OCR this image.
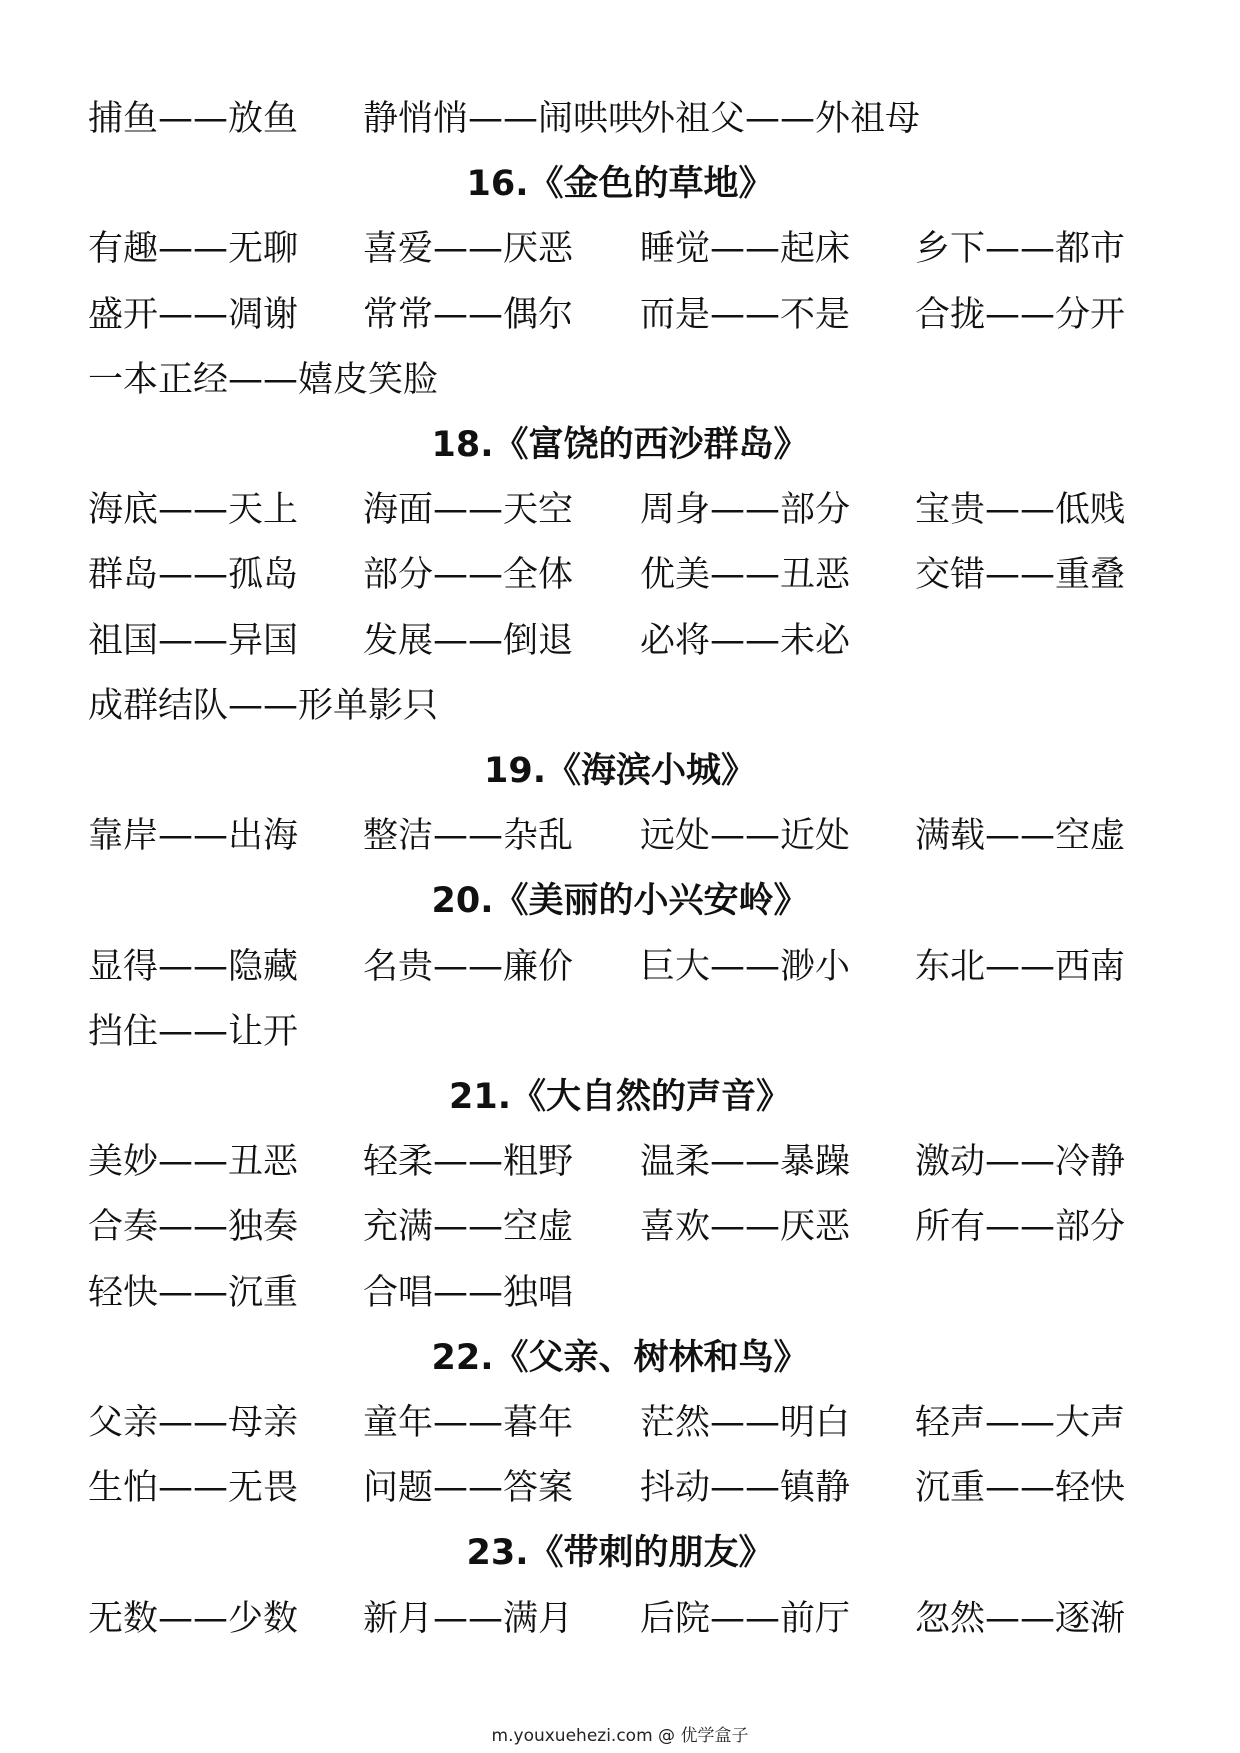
捕鱼——放鱼 静悄悄——闹哄哄
外祖父——外祖母
16.《金色的草地》
有趣——无聊 喜爱——厌恶 睡觉——起床 乡下——都市
盛开——凋谢 常常——偶尔 而是——不是 合拢——分开
一本正经——嬉皮笑脸
18.《富饶的西沙群岛》
海底——天上 海面——天空 周身——部分 宝贵——低贱
群岛——孤岛 部分——全体 优美——丑恶 交错——重叠
祖国——异国 发展——倒退 必将——未必
成群结队——形单影只
19.《海滨小城》
靠岸——出海 整洁——杂乱 远处——近处 满载——空虚
20.《美丽的小兴安岭》
显得——隐藏 名贵——廉价 巨大——渺小 东北——西南
挡住——让开
21.《大自然的声音》
美妙——丑恶 轻柔——粗野 温柔——暴躁 激动——冷静
合奏——独奏 充满——空虚 喜欢——厌恶 所有——部分
轻快——沉重 合唱——独唱
22.《父亲、树林和鸟》
父亲——母亲 童年——暮年 茫然——明白 轻声——大声
生怕——无畏 问题——答案 抖动——镇静 沉重——轻快
23.《带刺的朋友》
无数——少数 新月——满月 后院——前厅 忽然——逐渐
m.youxuehezi.com @ 优学盒子
